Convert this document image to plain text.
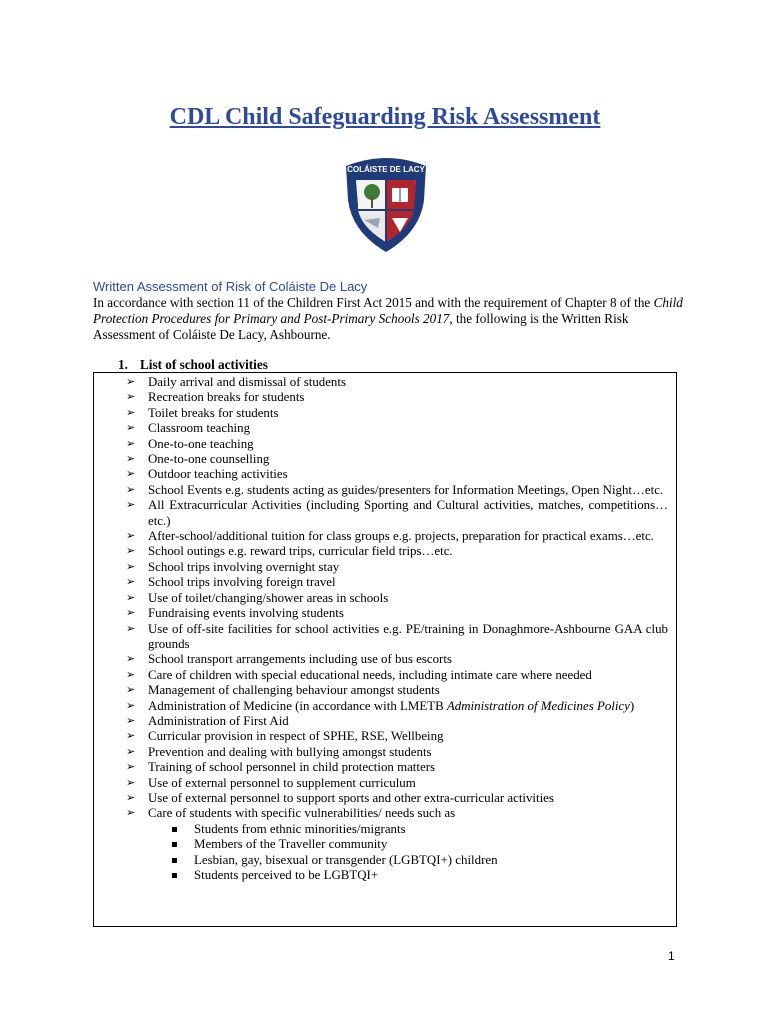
CDL Child Safeguarding Risk Assessment
COLÁISTE DE LACY
Written Assessment of Risk of Coláiste De Lacy
In accordance with section 11 of the Children First Act 2015 and with the requirement of Chapter 8 of the Child Protection Procedures for Primary and Post-Primary Schools 2017, the following is the Written Risk Assessment of Coláiste De Lacy, Ashbourne.
1. List of school activities
➢ Daily arrival and dismissal of students
➢ Recreation breaks for students
➢ Toilet breaks for students
➢ Classroom teaching
➢ One-to-one teaching
➢ One-to-one counselling
➢ Outdoor teaching activities
➢ School Events e.g. students acting as guides/presenters for Information Meetings, Open Night…etc.
➢ All Extracurricular Activities (including Sporting and Cultural activities, matches, competitions…etc.)
➢ After-school/additional tuition for class groups e.g. projects, preparation for practical exams…etc.
➢ School outings e.g. reward trips, curricular field trips…etc.
➢ School trips involving overnight stay
➢ School trips involving foreign travel
➢ Use of toilet/changing/shower areas in schools
➢ Fundraising events involving students
➢ Use of off-site facilities for school activities e.g. PE/training in Donaghmore-Ashbourne GAA club grounds
➢ School transport arrangements including use of bus escorts
➢ Care of children with special educational needs, including intimate care where needed
➢ Management of challenging behaviour amongst students
➢ Administration of Medicine (in accordance with LMETB Administration of Medicines Policy)
➢ Administration of First Aid
➢ Curricular provision in respect of SPHE, RSE, Wellbeing
➢ Prevention and dealing with bullying amongst students
➢ Training of school personnel in child protection matters
➢ Use of external personnel to supplement curriculum
➢ Use of external personnel to support sports and other extra-curricular activities
➢ Care of students with specific vulnerabilities/ needs such as
Students from ethnic minorities/migrants
Members of the Traveller community
Lesbian, gay, bisexual or transgender (LGBTQI+) children
Students perceived to be LGBTQI+
1
